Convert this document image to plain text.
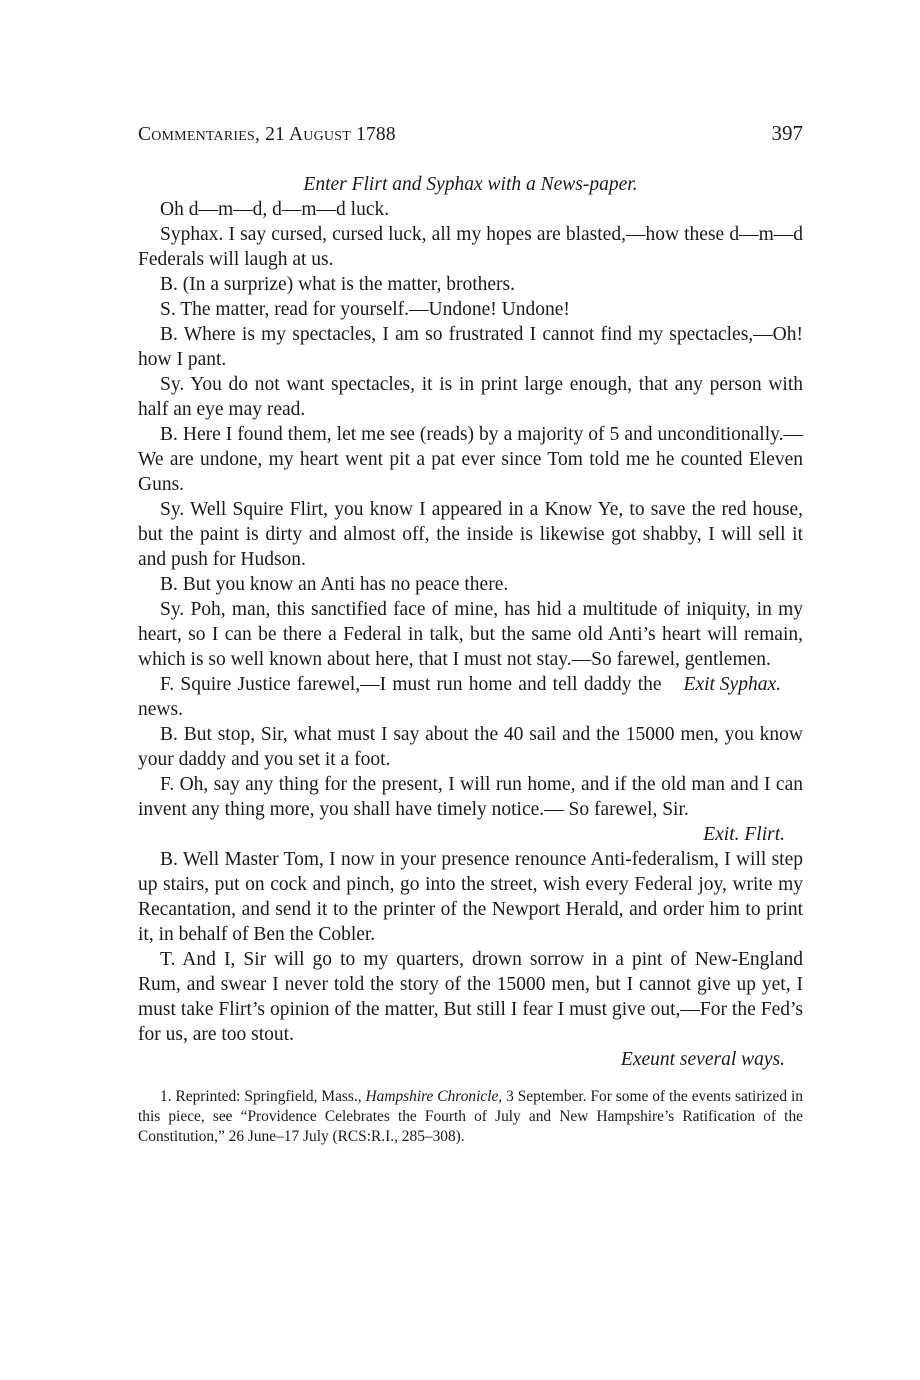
Commentaries, 21 August 1788	397

Enter Flirt and Syphax with a News-paper.

Oh d—m—d, d—m—d luck.

Syphax. I say cursed, cursed luck, all my hopes are blasted,—how these d—m—d Federals will laugh at us.

B. (In a surprize) what is the matter, brothers.

S. The matter, read for yourself.—Undone! Undone!

B. Where is my spectacles, I am so frustrated I cannot find my spectacles,—Oh! how I pant.

Sy. You do not want spectacles, it is in print large enough, that any person with half an eye may read.

B. Here I found them, let me see (reads) by a majority of 5 and unconditionally.—We are undone, my heart went pit a pat ever since Tom told me he counted Eleven Guns.

Sy. Well Squire Flirt, you know I appeared in a Know Ye, to save the red house, but the paint is dirty and almost off, the inside is likewise got shabby, I will sell it and push for Hudson.

B. But you know an Anti has no peace there.

Sy. Poh, man, this sanctified face of mine, has hid a multitude of iniquity, in my heart, so I can be there a Federal in talk, but the same old Anti’s heart will remain, which is so well known about here, that I must not stay.—So farewel, gentlemen.
Exit Syphax.

F. Squire Justice farewel,—I must run home and tell daddy the news.

B. But stop, Sir, what must I say about the 40 sail and the 15000 men, you know your daddy and you set it a foot.

F. Oh, say any thing for the present, I will run home, and if the old man and I can invent any thing more, you shall have timely notice.— So farewel, Sir.

Exit. Flirt.

B. Well Master Tom, I now in your presence renounce Anti-federalism, I will step up stairs, put on cock and pinch, go into the street, wish every Federal joy, write my Recantation, and send it to the printer of the Newport Herald, and order him to print it, in behalf of Ben the Cobler.

T. And I, Sir will go to my quarters, drown sorrow in a pint of New-England Rum, and swear I never told the story of the 15000 men, but I cannot give up yet, I must take Flirt’s opinion of the matter, But still I fear I must give out,—For the Fed’s for us, are too stout.

Exeunt several ways.

1. Reprinted: Springfield, Mass., Hampshire Chronicle, 3 September. For some of the events satirized in this piece, see “Providence Celebrates the Fourth of July and New Hampshire’s Ratification of the Constitution,” 26 June–17 July (RCS:R.I., 285–308).
